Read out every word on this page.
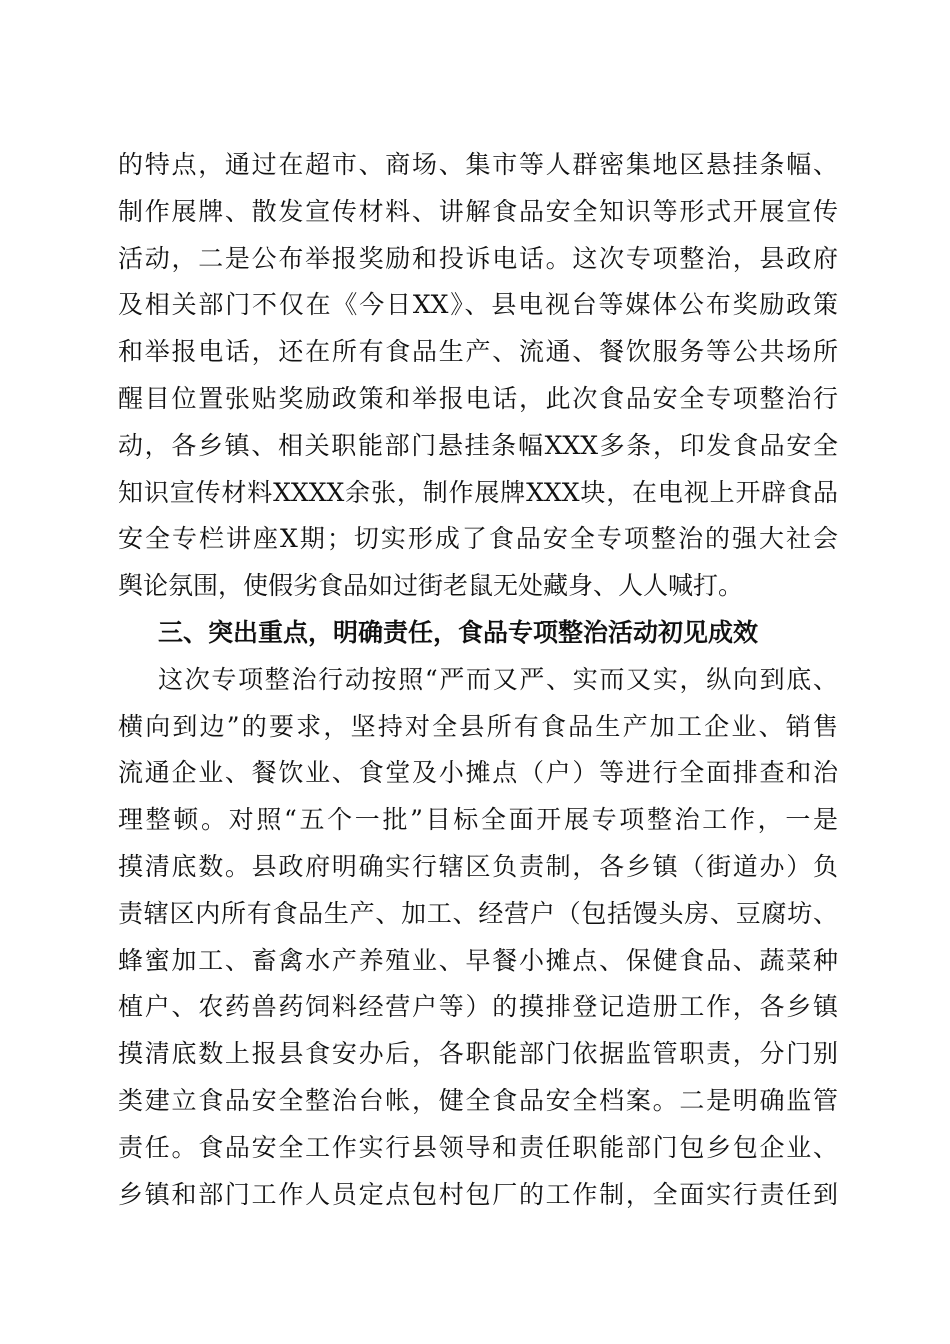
的特点，通过在超市、商场、集市等人群密集地区悬挂条幅、
制作展牌、散发宣传材料、讲解食品安全知识等形式开展宣传
活动，二是公布举报奖励和投诉电话。这次专项整治，县政府
及相关部门不仅在《今日XX》、县电视台等媒体公布奖励政策
和举报电话，还在所有食品生产、流通、餐饮服务等公共场所
醒目位置张贴奖励政策和举报电话，此次食品安全专项整治行
动，各乡镇、相关职能部门悬挂条幅XXX多条，印发食品安全
知识宣传材料XXXX余张，制作展牌XXX块，在电视上开辟食品
安全专栏讲座X期；切实形成了食品安全专项整治的强大社会
舆论氛围，使假劣食品如过街老鼠无处藏身、人人喊打。
三、突出重点，明确责任，食品专项整治活动初见成效
这次专项整治行动按照“严而又严、实而又实，纵向到底、
横向到边”的要求，坚持对全县所有食品生产加工企业、销售
流通企业、餐饮业、食堂及小摊点（户）等进行全面排查和治
理整顿。对照“五个一批”目标全面开展专项整治工作，一是
摸清底数。县政府明确实行辖区负责制，各乡镇（街道办）负
责辖区内所有食品生产、加工、经营户（包括馒头房、豆腐坊、
蜂蜜加工、畜禽水产养殖业、早餐小摊点、保健食品、蔬菜种
植户、农药兽药饲料经营户等）的摸排登记造册工作，各乡镇
摸清底数上报县食安办后，各职能部门依据监管职责，分门别
类建立食品安全整治台帐，健全食品安全档案。二是明确监管
责任。食品安全工作实行县领导和责任职能部门包乡包企业、
乡镇和部门工作人员定点包村包厂的工作制，全面实行责任到
